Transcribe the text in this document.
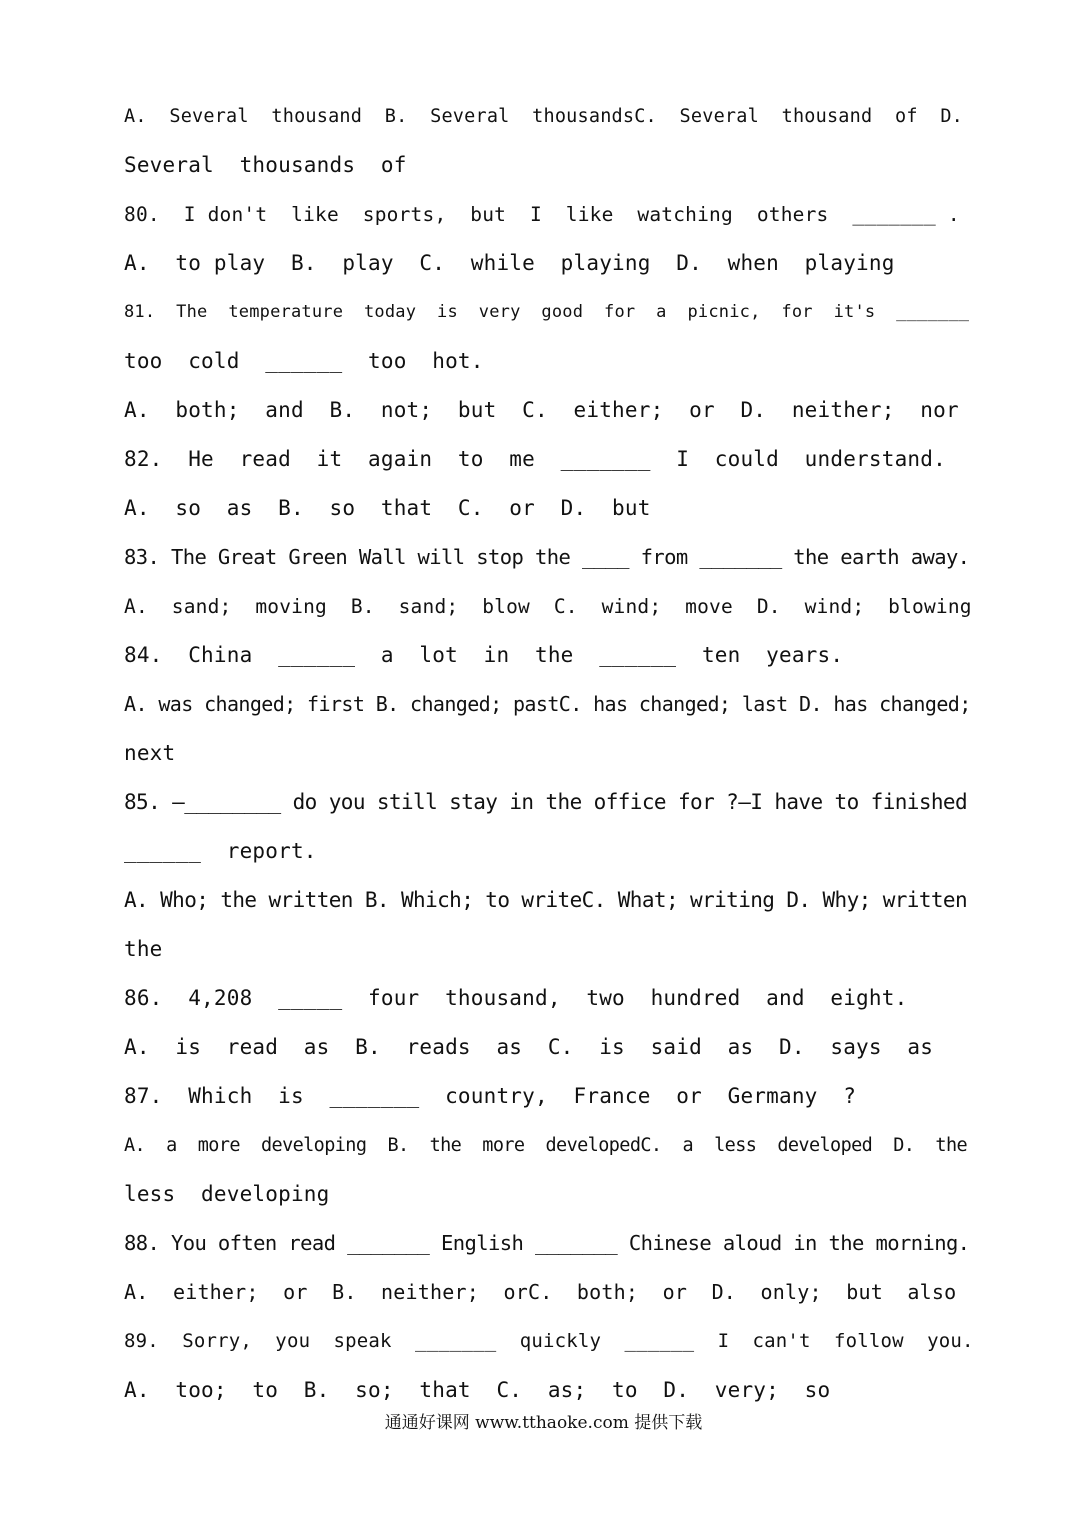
A.  Several  thousand  B.  Several  thousandsC.  Several  thousand  of  D.
Several  thousands  of
80.  I don't  like  sports,  but  I  like  watching  others  _______ .
A.  to play  B.  play  C.  while  playing  D.  when  playing
81.  The  temperature  today  is  very  good  for  a  picnic,  for  it's  _______
too  cold  ______  too  hot.
A.  both;  and  B.  not;  but  C.  either;  or  D.  neither;  nor
82.  He  read  it  again  to  me  _______  I  could  understand.
A.  so  as  B.  so  that  C.  or  D.  but
83. The Great Green Wall will stop the ____ from _______ the earth away.
A.  sand;  moving  B.  sand;  blow  C.  wind;  move  D.  wind;  blowing
84.  China  ______  a  lot  in  the  ______  ten  years.
A. was changed; first B. changed; pastC. has changed; last D. has changed;
next
85. —________ do you still stay in the office for ?—I have to finished
______  report.
A. Who; the written B. Which; to writeC. What; writing D. Why; written
the
86.  4,208  _____  four  thousand,  two  hundred  and  eight.
A.  is  read  as  B.  reads  as  C.  is  said  as  D.  says  as
87.  Which  is  _______  country,  France  or  Germany  ?
A.  a  more  developing  B.  the  more  developedC.  a  less  developed  D.  the
less  developing
88. You often read _______ English _______ Chinese aloud in the morning.
A.  either;  or  B.  neither;  orC.  both;  or  D.  only;  but  also
89.  Sorry,  you  speak  _______  quickly  ______  I  can't  follow  you.
A.  too;  to  B.  so;  that  C.  as;  to  D.  very;  so
通通好课网 www.tthaoke.com 提供下载
